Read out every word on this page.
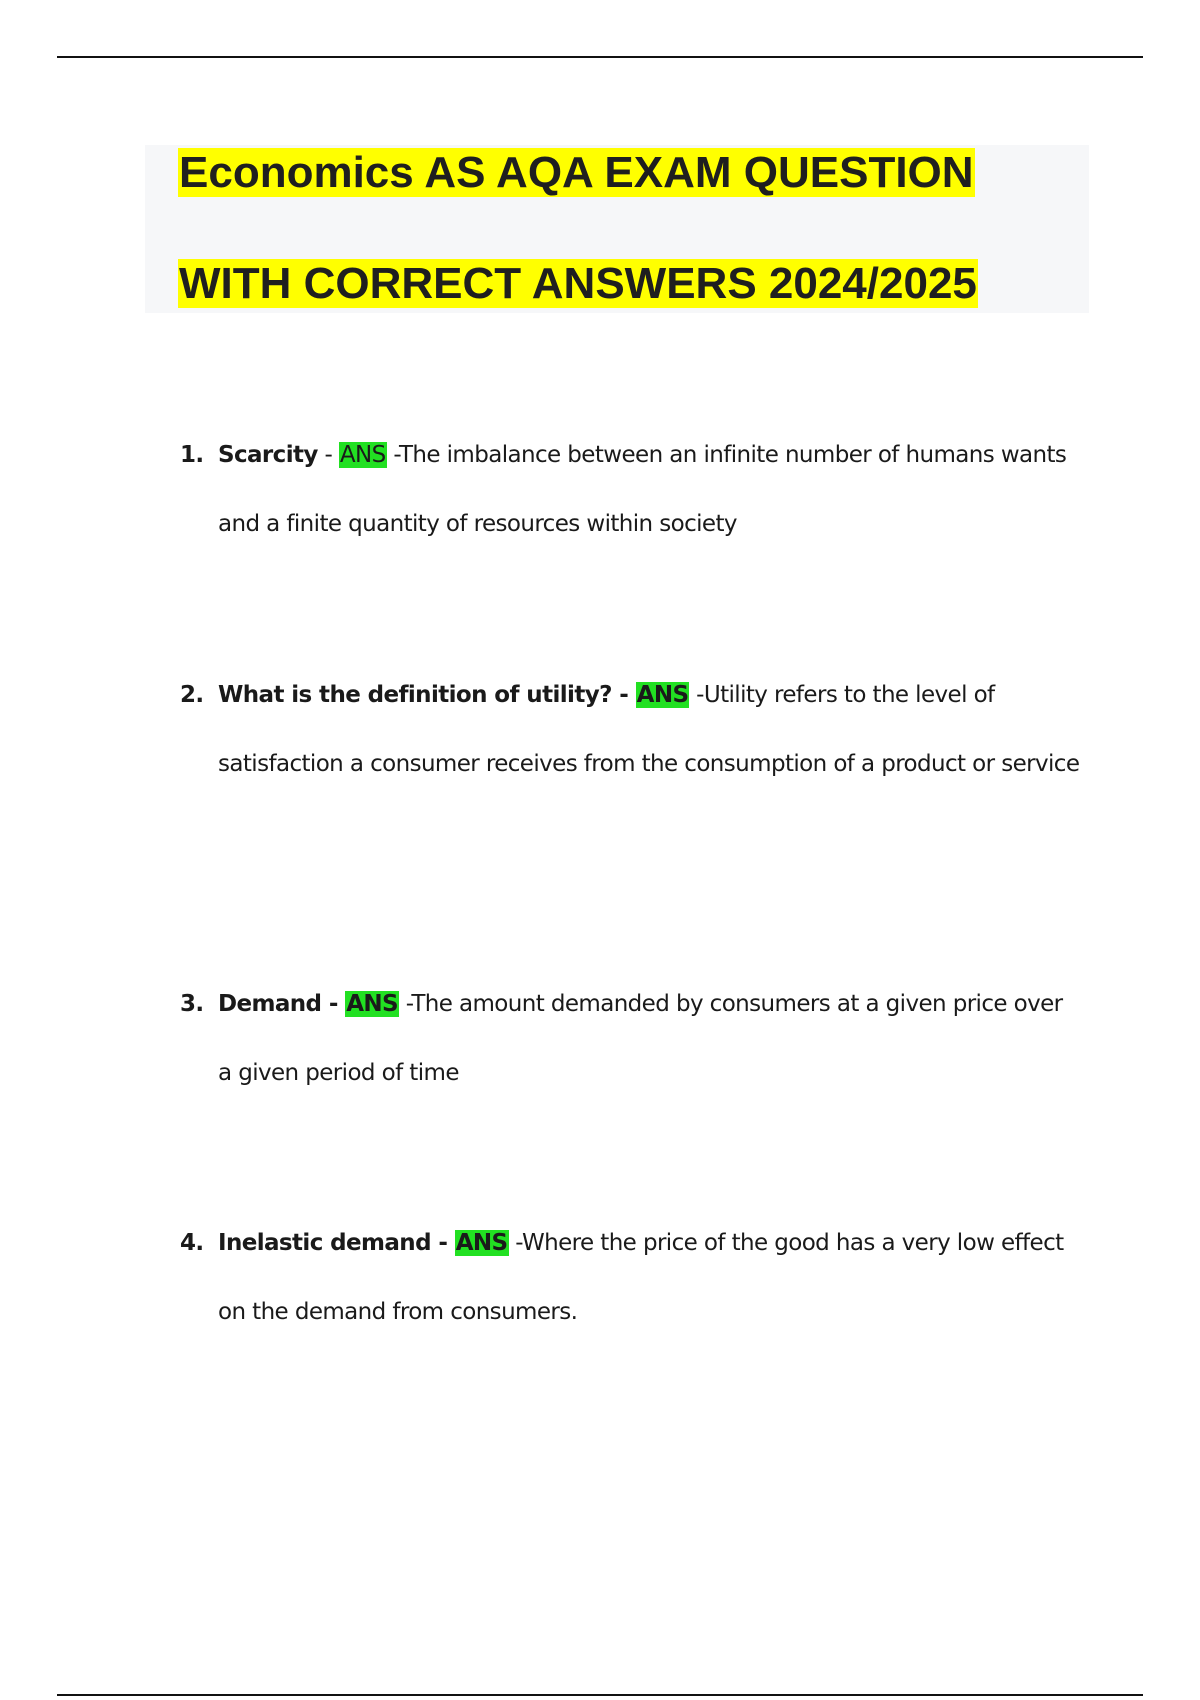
Economics AS AQA EXAM QUESTION
WITH CORRECT ANSWERS 2024/2025
1. Scarcity - ANS -The imbalance between an infinite number of humans wants and a finite quantity of resources within society
2. What is the definition of utility? - ANS -Utility refers to the level of satisfaction a consumer receives from the consumption of a product or service
3. Demand - ANS -The amount demanded by consumers at a given price over a given period of time
4. Inelastic demand - ANS -Where the price of the good has a very low effect on the demand from consumers.
